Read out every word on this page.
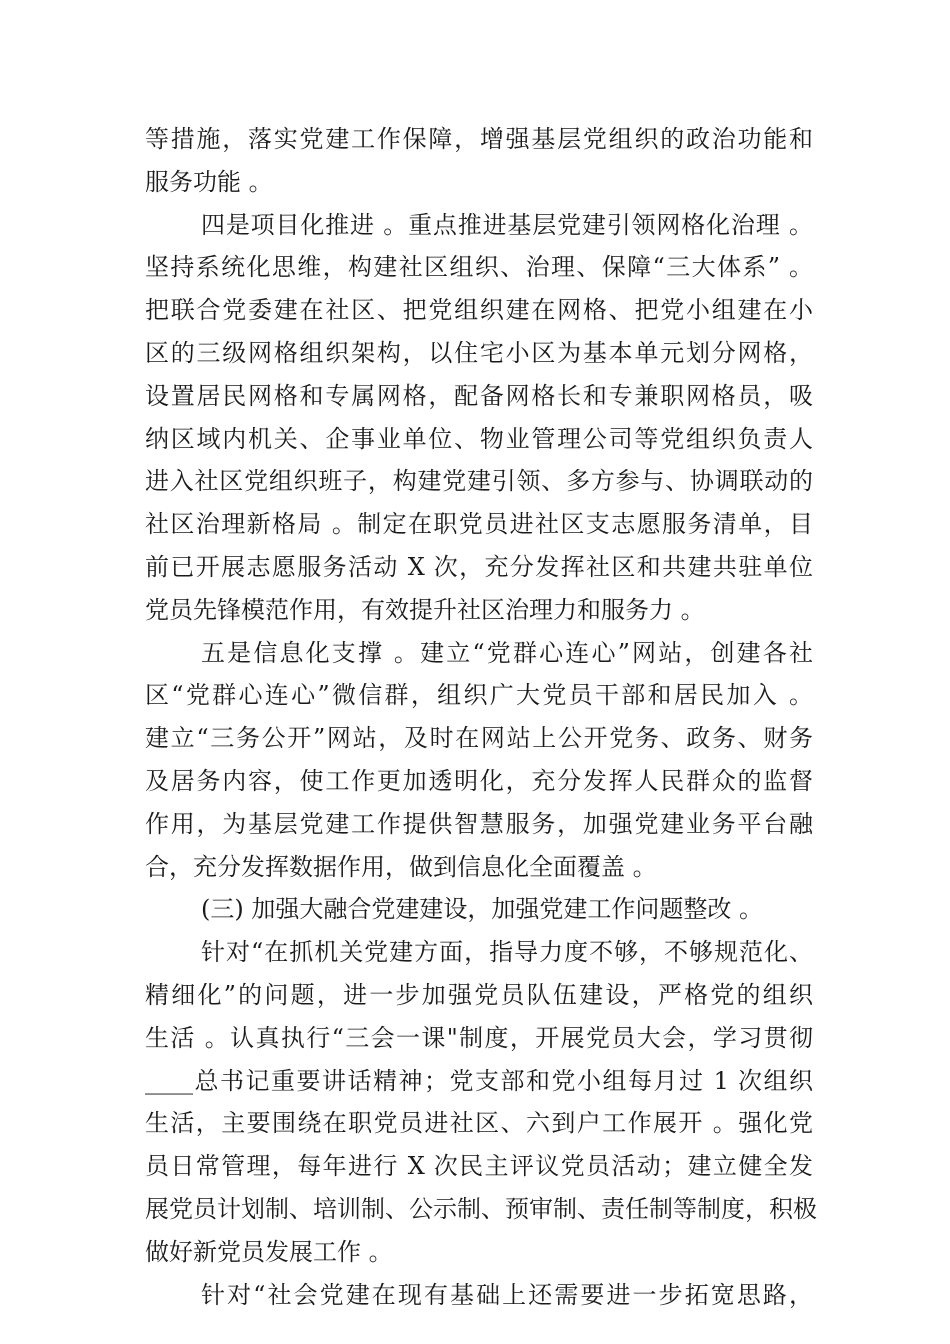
等措施，落实党建工作保障，增强基层党组织的政治功能和
服务功能 。
四是项目化推进 。重点推进基层党建引领网格化治理 。
坚持系统化思维，构建社区组织、治理、保障“三大体系” 。
把联合党委建在社区、把党组织建在网格、把党小组建在小
区的三级网格组织架构，以住宅小区为基本单元划分网格，
设置居民网格和专属网格，配备网格长和专兼职网格员，吸
纳区域内机关、企事业单位、物业管理公司等党组织负责人
进入社区党组织班子，构建党建引领、多方参与、协调联动的
社区治理新格局 。制定在职党员进社区支志愿服务清单，目
前已开展志愿服务活动 X 次，充分发挥社区和共建共驻单位
党员先锋模范作用，有效提升社区治理力和服务力 。
五是信息化支撑 。建立“党群心连心”网站，创建各社
区“党群心连心”微信群，组织广大党员干部和居民加入 。
建立“三务公开”网站，及时在网站上公开党务、政务、财务
及居务内容，使工作更加透明化，充分发挥人民群众的监督
作用，为基层党建工作提供智慧服务，加强党建业务平台融
合，充分发挥数据作用，做到信息化全面覆盖 。
(三) 加强大融合党建建设，加强党建工作问题整改 。
针对“在抓机关党建方面，指导力度不够，不够规范化、
精细化”的问题，进一步加强党员队伍建设，严格党的组织
生活 。认真执行“三会一课"制度，开展党员大会，学习贯彻
____总书记重要讲话精神；党支部和党小组每月过 1 次组织
生活，主要围绕在职党员进社区、六到户工作展开 。强化党
员日常管理，每年进行 X 次民主评议党员活动；建立健全发
展党员计划制、培训制、公示制、预审制、责任制等制度，积极
做好新党员发展工作 。
针对“社会党建在现有基础上还需要进一步拓宽思路，
